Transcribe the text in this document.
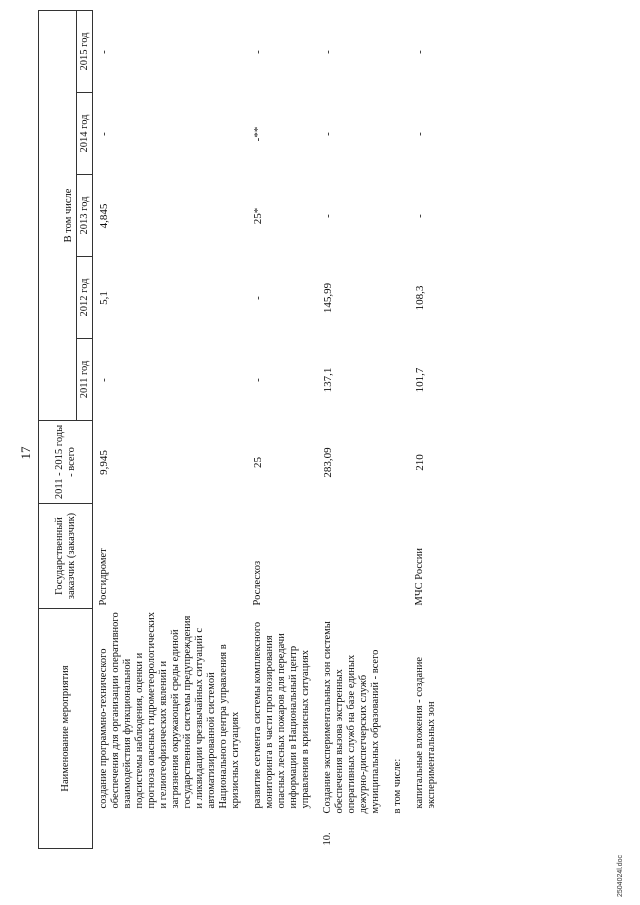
17
Наименование мероприятия		Государственный заказчик (заказчик)	2011 - 2015 годы - всего	В том числе				
				2011 год	2012 год	2013 год	2014 год	2015 год
	создание программно-технического обеспечения для организации оперативного взаимодействия функциональной подсистемы наблюдения, оценки и прогноза опасных гидрометеорологических и гелиогеофизических явлений и загрязнения окружающей среды единой государственной системы предупреждения и ликвидации чрезвычайных ситуаций с автоматизированной системой Национального центра управления в кризисных ситуациях	Росгидромет	9,945	-	5,1	4,845	-	-
	развитие сегмента системы комплексного мониторинга в части прогнозирования опасных лесных пожаров для передачи информации в Национальный центр управления в кризисных ситуациях	Рослесхоз	25	-	-	25*	-**	-
10.	Создание экспериментальных зон системы обеспечения вызова экстренных оперативных служб на базе единых дежурно-диспетчерских служб муниципальных образований - всего		283,09	137,1	145,99	-	-	-
	в том числе:							
	капитальные вложения - создание экспериментальных зон	МЧС России	210	101,7	108,3	-	-	-
2504024l.doc
